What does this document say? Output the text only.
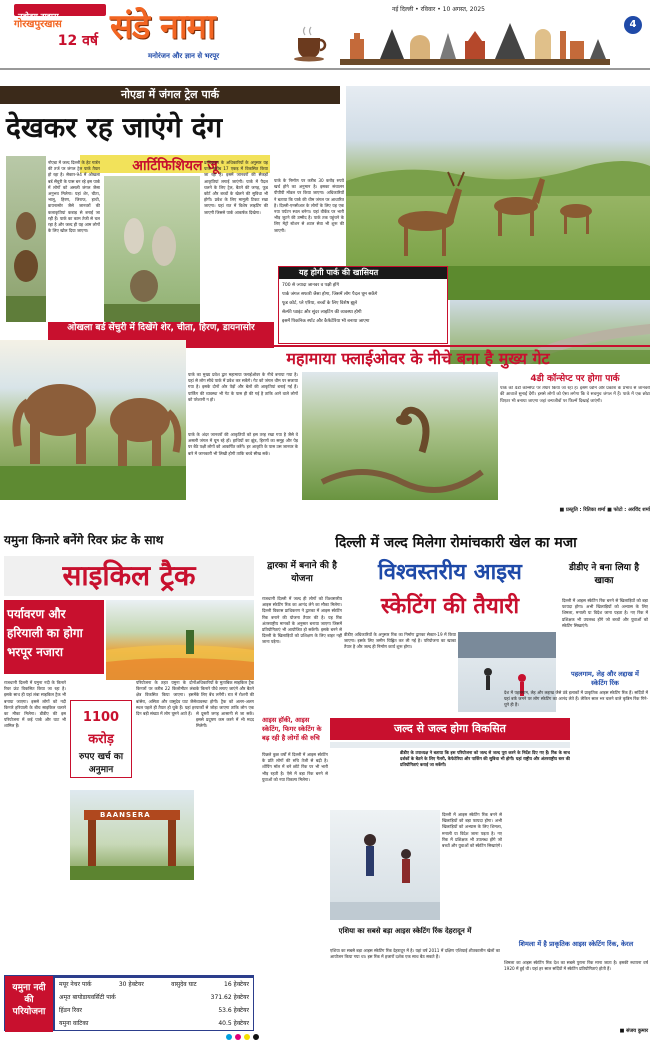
नवोदय टाइम्स
गोरखपुरखास
12 वर्ष संडे नामा
मनोरंजन और ज्ञान से भरपूर
नई दिल्ली • रविवार • 10 अगस्त, 2025
4
नोएडा में जंगल ट्रेल पार्क
देखकर रह जाएंगे दंग
आर्टिफिशियल जू
नोएडा में जल्द दिल्ली के हेट गार्डन की तर्ज पर जंगल ट्रेल पार्क तैयार हो रहा है। सेक्टर-94 में ओखला बर्ड सेंचुरी के पास बन रहे इस पार्क में लोगों को असली जंगल जैसा अनुभव मिलेगा। यहां शेर, चीता, भालू, हिरण, जिराफ, हाथी, डायनासोर जैसे जानवरों की कलाकृतियां कबाड़ से बनाई जा रही हैं। पार्क का काम तेजी से चल रहा है और जल्द ही यह आम लोगों के लिए खोल दिया जाएगा।
प्राधिकरण के अधिकारियों के अनुसार यह पार्क करीब 17 एकड़ में विकसित किया जा रहा है। इसमें जानवरों की सैकड़ों आकृतियां लगाई जाएंगी। पार्क में पैदल चलने के लिए ट्रेल, बैठने की जगह, फूड कोर्ट और बच्चों के खेलने की सुविधा भी होगी। प्रवेश के लिए मामूली टिकट रखा जाएगा। यहां रात में विशेष लाइटिंग की जाएगी जिससे पार्क आकर्षक दिखेगा।
पार्क के निर्माण पर करीब 30 करोड़ रुपये खर्च होने का अनुमान है। इसका संचालन पीपीपी मॉडल पर किया जाएगा। अधिकारियों ने बताया कि पार्क की थीम जंगल पर आधारित है। दिल्ली-एनसीआर के लोगों के लिए यह एक नया पर्यटन स्थल बनेगा। यहां वीकेंड पर भारी भीड़ जुटने की उम्मीद है। पार्क तक पहुंचने के लिए मेट्रो स्टेशन से शटल सेवा भी शुरू की जाएगी।
ओखला बर्ड सेंचुरी में दिखेंगे शेर, चीता, हिरण, डायनासोर
यह होगी पार्क की खासियत
700 से ज्यादा जानवर व पक्षी होंगे
पार्क जंगल सफारी जैसा होगा, जिसमें लोग पैदल घूम सकेंगे
फूड कोर्ट, प्ले एरिया, बच्चों के लिए विशेष झूले
सेल्फी प्वाइंट और सुंदर लाइटिंग की व्यवस्था होगी
इसमें पिकनिक स्पॉट और कैफेटेरिया भी बनाया जाएगा
महामाया फ्लाईओवर के नीचे बना है मुख्य गेट
पार्क का मुख्य प्रवेश द्वार महामाया फ्लाईओवर के नीचे बनाया गया है। यहां से लोग सीधे पार्क में प्रवेश कर सकेंगे। गेट को जंगल थीम पर सजाया गया है। इसके दोनों ओर पेड़ों और बेलों की आकृतियां बनाई गई हैं। पार्किंग की व्यवस्था भी गेट के पास ही की गई है ताकि आने वाले लोगों को परेशानी न हो।
पार्क के अंदर जानवरों की आकृतियों को इस तरह रखा गया है जैसे वे असली जंगल में घूम रहे हों। हाथियों का झुंड, हिरणों का समूह और पेड़ पर बैठे पक्षी लोगों को आकर्षित करेंगे। हर आकृति के पास उस जानवर के बारे में जानकारी भी लिखी होगी ताकि बच्चे सीख सकें।
4डी कॉन्सेप्ट पर होगा पार्क
पार्क को 4डी कॉन्सेप्ट पर तैयार किया जा रहा है। इसमें ध्वनि और प्रकाश के प्रभाव से जानवरों की आवाजें सुनाई देंगी। इससे लोगों को ऐसा लगेगा कि वे सचमुच जंगल में हैं। पार्क में एक छोटा थिएटर भी बनाया जाएगा जहां वन्यजीवों पर फिल्में दिखाई जाएंगी।
■ प्रस्तुति : रितिका शर्मा ■ फोटो : अरविंद शर्मा
यमुना किनारे बनेंगे रिवर फ्रंट के साथ
साइकिल ट्रैक
पर्यावरण और हरियाली का होगा भरपूर नजारा
राजधानी दिल्ली में यमुना नदी के किनारे रिवर फ्रंट विकसित किया जा रहा है। इसके साथ ही यहां लंबा साइकिल ट्रैक भी बनाया जाएगा। इससे लोगों को नदी किनारे हरियाली के बीच साइकिल चलाने का मौका मिलेगा। डीडीए की इस परियोजना में कई पार्क और घाट भी शामिल हैं।
1100 करोड़
रुपए खर्च का अनुमान
परियोजना के तहत यमुना के दोनों किनारों पर करीब 22 किलोमीटर लंबा क्षेत्र विकसित किया जाएगा। इसमें बांसेरा, असिता और वासुदेव घाट जैसे स्थल पहले ही तैयार हो चुके हैं। यहां हर दिन बड़ी संख्या में लोग घूमने आते हैं।
अधिकारियों के मुताबिक साइकिल ट्रैक के किनारे पौधे लगाए जाएंगे और बैठने के लिए बेंच लगेंगी। रात में रोशनी की व्यवस्था होगी। ट्रैक को अलग-अलग पार्कों से जोड़ा जाएगा ताकि लोग एक से दूसरी जगह आसानी से जा सकें। इससे प्रदूषण कम करने में भी मदद मिलेगी।
BAANSERA
यमुना नदी की परियोजना
मयूर नेचर पार्क	30 हेक्टेयर	वासुदेव घाट	16 हेक्टेयर
अमृत बायोडायवर्सिटी पार्क	371.62 हेक्टेयर
हिंडन रिवर	53.6 हेक्टेयर
यमुना वाटिका	40.5 हेक्टेयर
दिल्ली में जल्द मिलेगा रोमांचकारी खेल का मजा
द्वारका में बनाने की है योजना	विश्वस्तरीय आइस
स्केटिंग की तैयारी
डीडीए ने बना लिया है खाका
राजधानी दिल्ली में जल्द ही लोगों को विश्वस्तरीय आइस स्केटिंग रिंक का आनंद लेने का मौका मिलेगा। दिल्ली विकास प्राधिकरण ने द्वारका में आइस स्केटिंग रिंक बनाने की योजना तैयार की है। यह रिंक अंतरराष्ट्रीय मानकों के अनुसार बनाया जाएगा जिसमें प्रतियोगिताएं भी आयोजित हो सकेंगी। इसके बनने से दिल्ली के खिलाड़ियों को प्रशिक्षण के लिए बाहर नहीं जाना पड़ेगा।
डीडीए अधिकारियों के अनुसार रिंक का निर्माण द्वारका सेक्टर-19 में किया जाएगा। इसके लिए जमीन चिह्नित कर ली गई है। परियोजना का खाका तैयार है और जल्द ही निर्माण कार्य शुरू होगा।
आइस हॉकी, आइस स्केटिंग, फिगर स्केटिंग के बढ़ रही है लोगों की रुचि
पिछले कुछ वर्षों में दिल्ली में आइस स्केटिंग के प्रति लोगों की रुचि तेजी से बढ़ी है। शॉपिंग मॉल में बने छोटे रिंक पर भी भारी भीड़ रहती है। ऐसे में बड़ा रिंक बनने से युवाओं को नया विकल्प मिलेगा।
जल्द से जल्द होगा विकसित
डीडीए के उपाध्यक्ष ने बताया कि इस परियोजना को जल्द से जल्द पूरा करने के निर्देश दिए गए हैं। रिंक के साथ दर्शकों के बैठने के लिए गैलरी, कैफेटेरिया और पार्किंग की सुविधा भी होगी। यहां राष्ट्रीय और अंतरराष्ट्रीय स्तर की प्रतियोगिताएं कराई जा सकेंगी।
दिल्ली में आइस स्केटिंग रिंक बनने से खिलाड़ियों को बड़ा फायदा होगा। अभी खिलाड़ियों को अभ्यास के लिए शिमला, मनाली या विदेश जाना पड़ता है। नए रिंक में प्रशिक्षक भी उपलब्ध होंगे जो बच्चों और युवाओं को स्केटिंग सिखाएंगे।
एशिया का सबसे बड़ा आइस स्केटिंग रिंक देहरादून में
एशिया का सबसे बड़ा आइस स्केटिंग रिंक देहरादून में है। यहां वर्ष 2011 में दक्षिण एशियाई शीतकालीन खेलों का आयोजन किया गया था। इस रिंक में हजारों दर्शक एक साथ बैठ सकते हैं।
दिल्ली में आइस स्केटिंग रिंक बनने से खिलाड़ियों को बड़ा फायदा होगा। अभी खिलाड़ियों को अभ्यास के लिए शिमला, मनाली या विदेश जाना पड़ता है। नए रिंक में प्रशिक्षक भी उपलब्ध होंगे जो बच्चों और युवाओं को स्केटिंग सिखाएंगे।
पहलगाम, लेह और लद्दाख में स्केटिंग रिंक
देश में पहलगाम, लेह और लद्दाख जैसे ठंडे इलाकों में प्राकृतिक आइस स्केटिंग रिंक हैं। सर्दियों में यहां बर्फ जमने पर लोग स्केटिंग का आनंद लेते हैं। लेकिन साल भर चलने वाले कृत्रिम रिंक गिने-चुने ही हैं।
शिमला में है प्राकृतिक आइस स्केटिंग रिंक, केरल
शिमला का आइस स्केटिंग रिंक देश का सबसे पुराना रिंक माना जाता है। इसकी स्थापना वर्ष 1920 में हुई थी। यहां हर साल सर्दियों में स्केटिंग प्रतियोगिताएं होती हैं।
■ संजय कुमार
